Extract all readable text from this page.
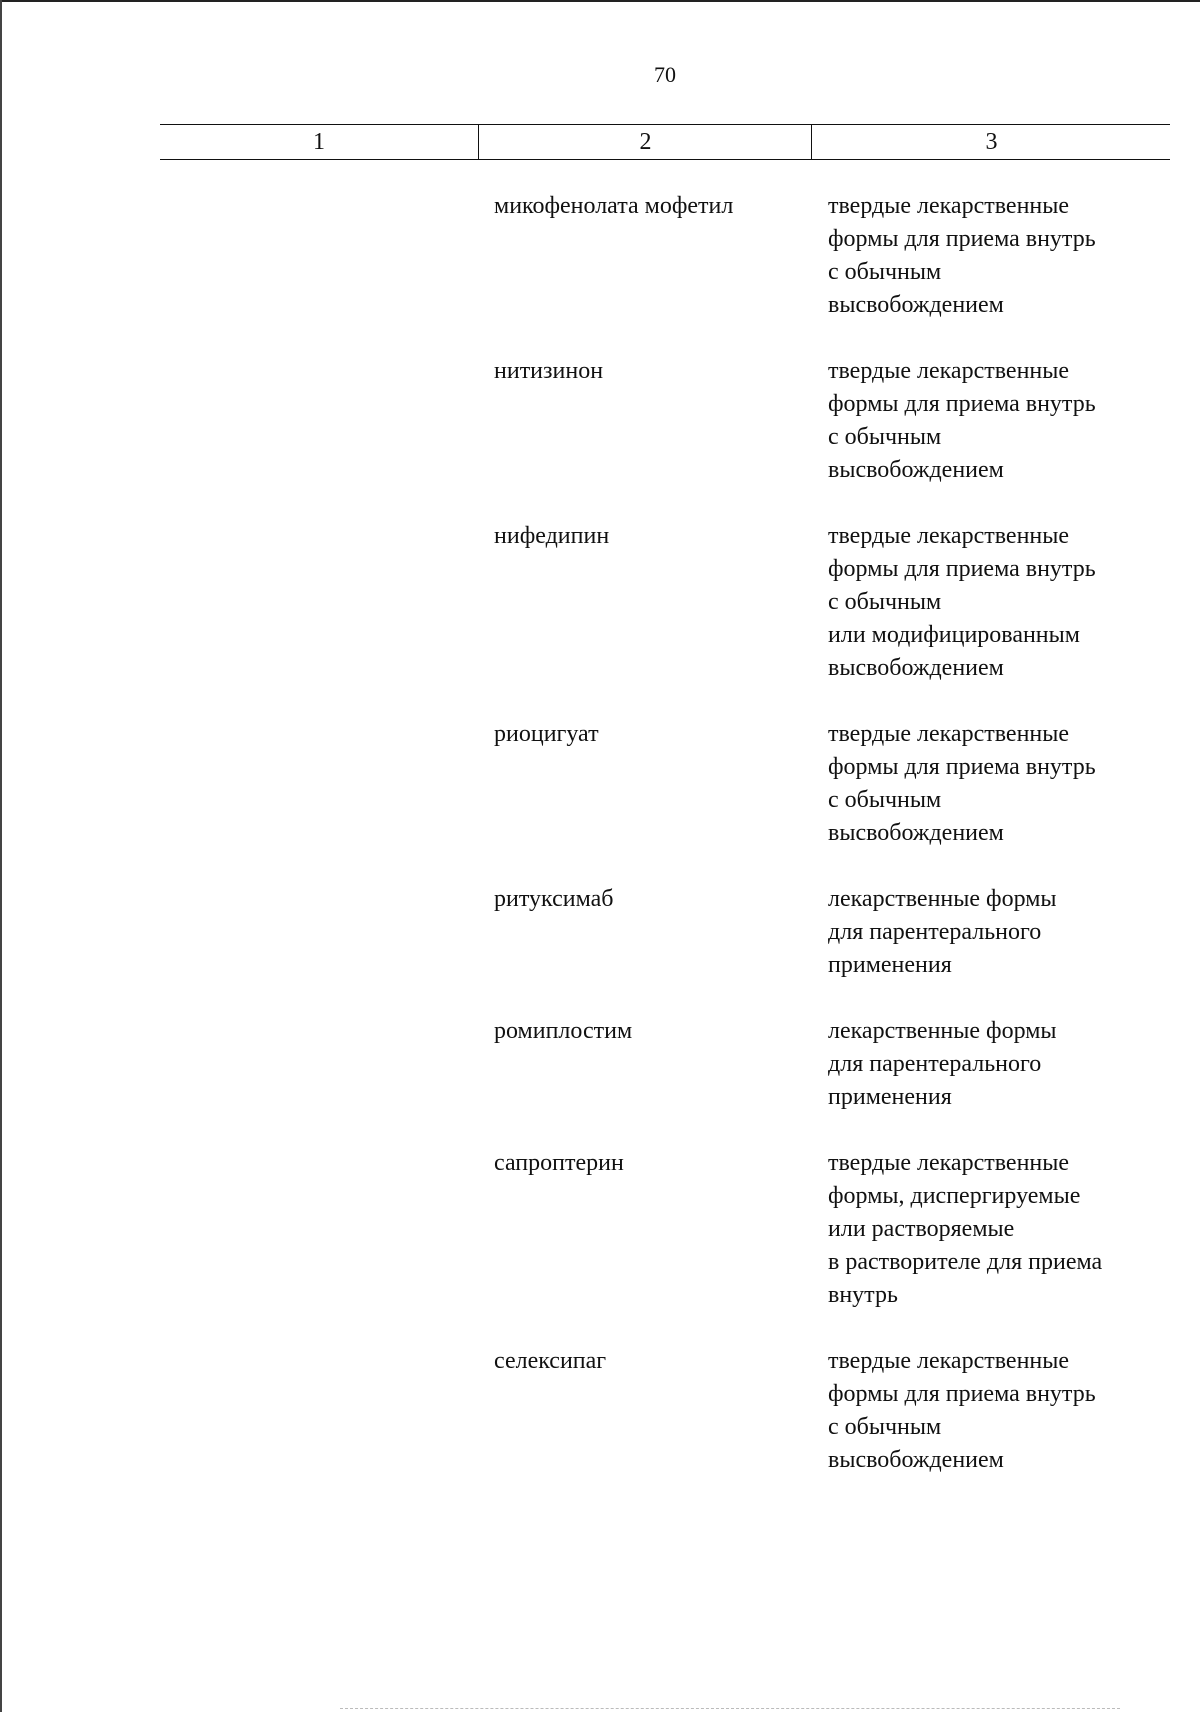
70
1	2	3
микофенолата мофетил	твердые лекарственные
формы для приема внутрь
с обычным
высвобождением
нитизинон	твердые лекарственные
формы для приема внутрь
с обычным
высвобождением
нифедипин	твердые лекарственные
формы для приема внутрь
с обычным
или модифицированным
высвобождением
риоцигуат	твердые лекарственные
формы для приема внутрь
с обычным
высвобождением
ритуксимаб	лекарственные формы
для парентерального
применения
ромиплостим	лекарственные формы
для парентерального
применения
сапроптерин	твердые лекарственные
формы, диспергируемые
или растворяемые
в растворителе для приема
внутрь
селексипаг	твердые лекарственные
формы для приема внутрь
с обычным
высвобождением
